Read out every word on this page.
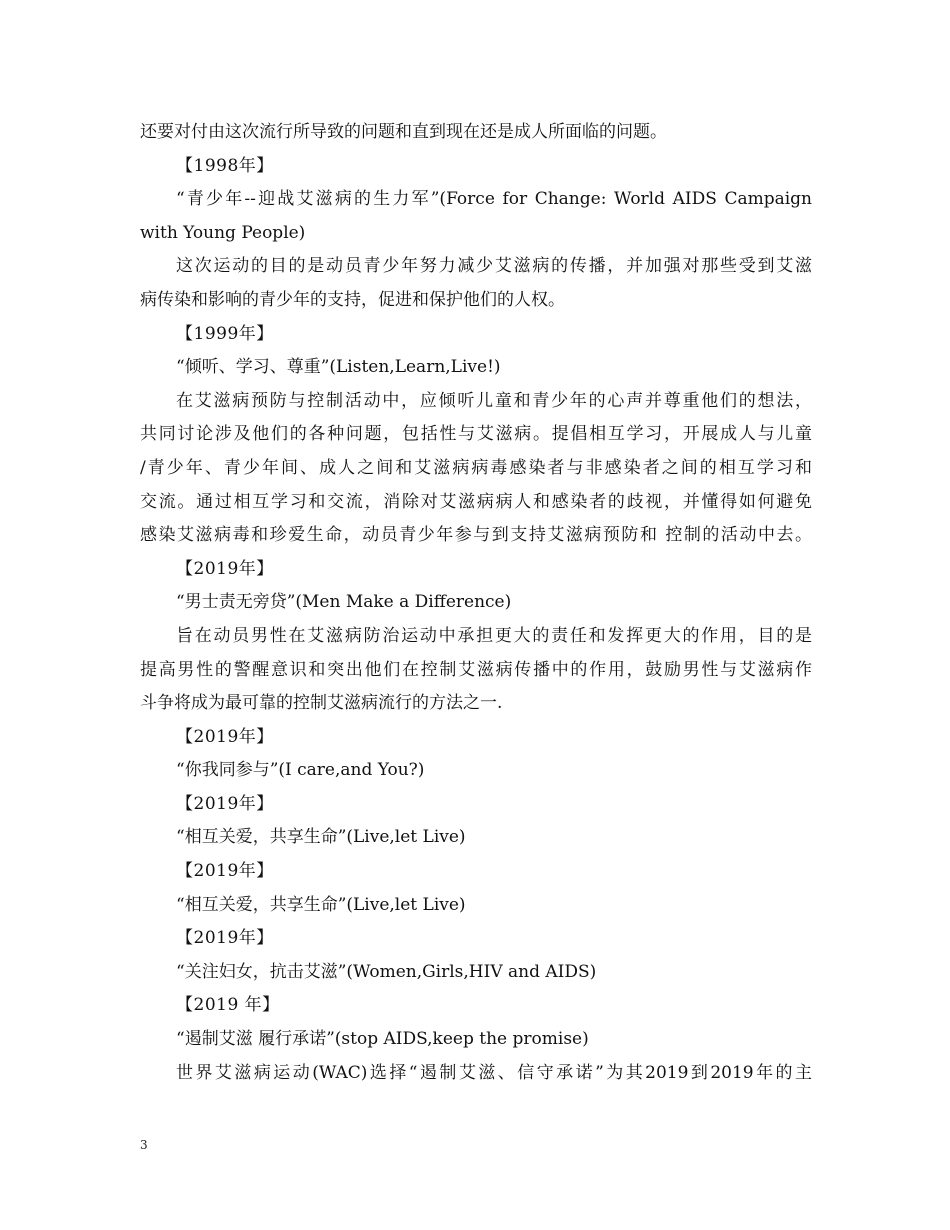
还要对付由这次流行所导致的问题和直到现在还是成人所面临的问题。
【1998年】
“青少年--迎战艾滋病的生力军”(Force for Change: World AIDS Campaign
with Young People)
这次运动的目的是动员青少年努力减少艾滋病的传播，并加强对那些受到艾滋
病传染和影响的青少年的支持，促进和保护他们的人权。
【1999年】
“倾听、学习、尊重”(Listen,Learn,Live!)
在艾滋病预防与控制活动中，应倾听儿童和青少年的心声并尊重他们的想法，
共同讨论涉及他们的各种问题，包括性与艾滋病。提倡相互学习，开展成人与儿童
/青少年、青少年间、成人之间和艾滋病病毒感染者与非感染者之间的相互学习和
交流。通过相互学习和交流，消除对艾滋病病人和感染者的歧视，并懂得如何避免
感染艾滋病毒和珍爱生命，动员青少年参与到支持艾滋病预防和 控制的活动中去。
【2019年】
“男士责无旁贷”(Men Make a Difference)
旨在动员男性在艾滋病防治运动中承担更大的责任和发挥更大的作用，目的是
提高男性的警醒意识和突出他们在控制艾滋病传播中的作用，鼓励男性与艾滋病作
斗争将成为最可靠的控制艾滋病流行的方法之一.
【2019年】
“你我同参与”(I care,and You?)
【2019年】
“相互关爱，共享生命”(Live,let Live)
【2019年】
“相互关爱，共享生命”(Live,let Live)
【2019年】
“关注妇女，抗击艾滋”(Women,Girls,HIV and AIDS)
【2019 年】
“遏制艾滋 履行承诺”(stop AIDS,keep the promise)
世界艾滋病运动(WAC)选择“遏制艾滋、信守承诺”为其2019到2019年的主
3
